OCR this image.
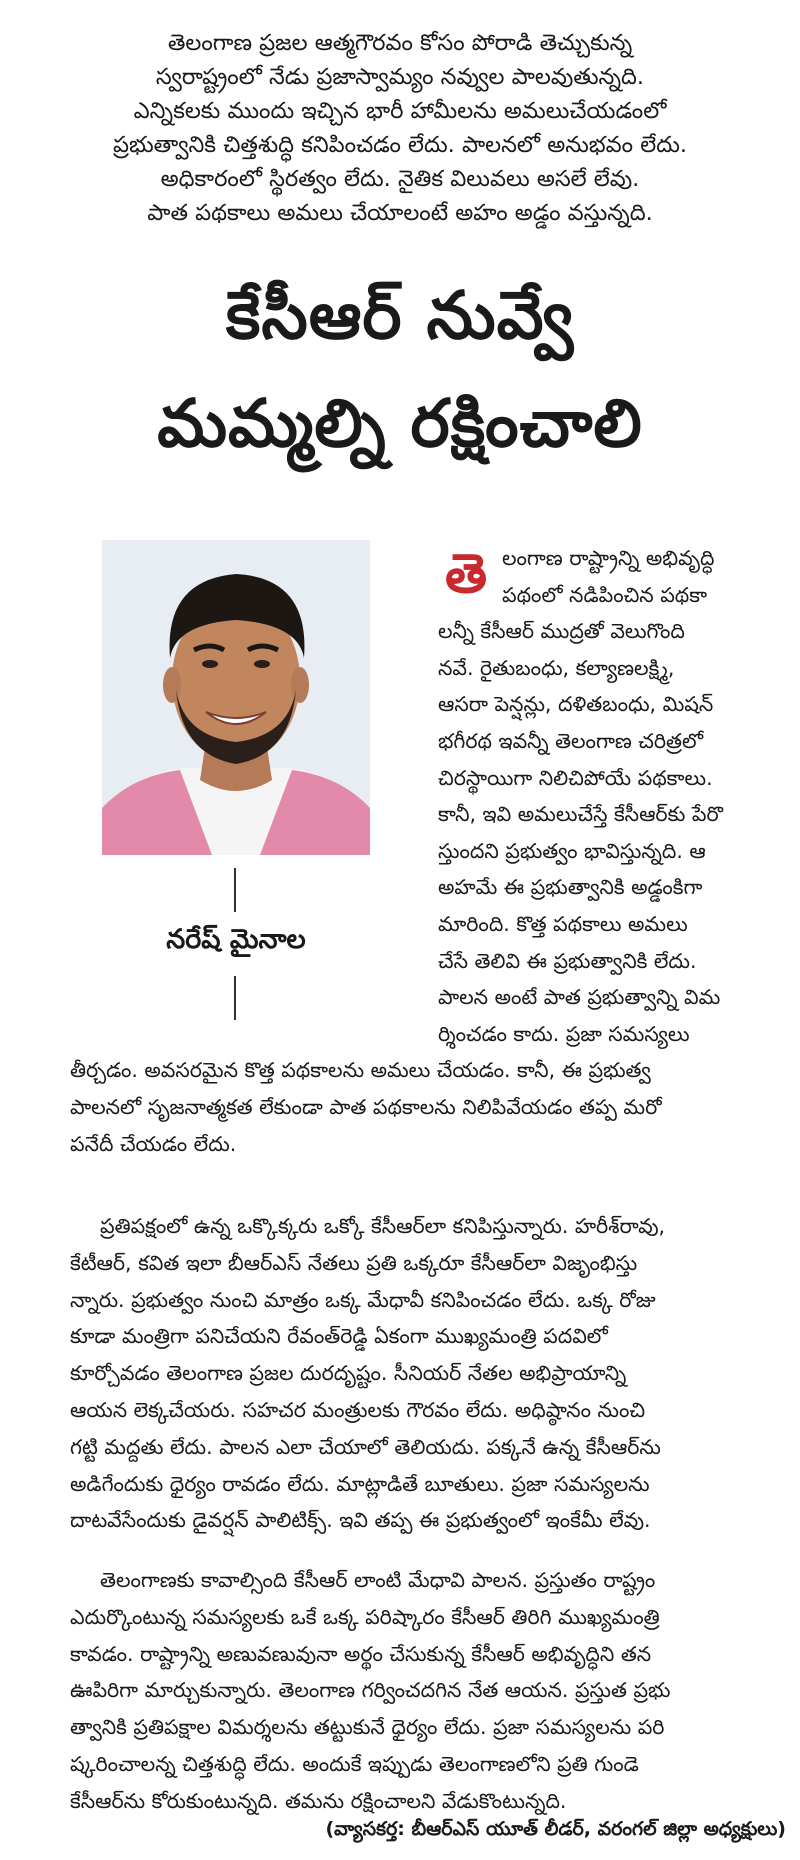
తెలంగాణ ప్రజల ఆత్మగౌరవం కోసం పోరాడి తెచ్చుకున్న
స్వరాష్ట్రంలో నేడు ప్రజాస్వామ్యం నవ్వుల పాలవుతున్నది.
ఎన్నికలకు ముందు ఇచ్చిన భారీ హామీలను అమలుచేయడంలో
ప్రభుత్వానికి చిత్తశుద్ధి కనిపించడం లేదు. పాలనలో అనుభవం లేదు.
అధికారంలో స్థిరత్వం లేదు. నైతిక విలువలు అసలే లేవు.
పాత పథకాలు అమలు చేయాలంటే అహం అడ్డం వస్తున్నది.
కేసీఆర్ నువ్వే
మమ్మల్ని రక్షించాలి
నరేష్ మైనాల
తె లంగాణ రాష్ట్రాన్ని అభివృద్ధి
పథంలో నడిపించిన పథకా
లన్నీ కేసీఆర్ ముద్రతో వెలుగొంది
నవే. రైతుబంధు, కల్యాణలక్ష్మి,
ఆసరా పెన్షన్లు, దళితబంధు, మిషన్
భగీరథ ఇవన్నీ తెలంగాణ చరిత్రలో
చిరస్థాయిగా నిలిచిపోయే పథకాలు.
కానీ, ఇవి అమలుచేస్తే కేసీఆర్‌కు పేరొ
స్తుందని ప్రభుత్వం భావిస్తున్నది. ఆ
అహమే ఈ ప్రభుత్వానికి అడ్డంకిగా
మారింది. కొత్త పథకాలు అమలు
చేసే తెలివి ఈ ప్రభుత్వానికి లేదు.
పాలన అంటే పాత ప్రభుత్వాన్ని విమ
ర్శించడం కాదు. ప్రజా సమస్యలు
తీర్చడం. అవసరమైన కొత్త పథకాలను అమలు చేయడం. కానీ, ఈ ప్రభుత్వ
పాలనలో సృజనాత్మకత లేకుండా పాత పథకాలను నిలిపివేయడం తప్ప మరో
పనేదీ చేయడం లేదు.
ప్రతిపక్షంలో ఉన్న ఒక్కొక్కరు ఒక్కో కేసీఆర్‌లా కనిపిస్తున్నారు. హరీశ్‌రావు,
కేటీఆర్, కవిత ఇలా బీఆర్‌ఎస్ నేతలు ప్రతి ఒక్కరూ కేసీఆర్‌లా విజృంభిస్తు
న్నారు. ప్రభుత్వం నుంచి మాత్రం ఒక్క మేధావీ కనిపించడం లేదు. ఒక్క రోజు
కూడా మంత్రిగా పనిచేయని రేవంత్‌రెడ్డి ఏకంగా ముఖ్యమంత్రి పదవిలో
కూర్చోవడం తెలంగాణ ప్రజల దురదృష్టం. సీనియర్ నేతల అభిప్రాయాన్ని
ఆయన లెక్కచేయరు. సహచర మంత్రులకు గౌరవం లేదు. అధిష్ఠానం నుంచి
గట్టి మద్దతు లేదు. పాలన ఎలా చేయాలో తెలియదు. పక్కనే ఉన్న కేసీఆర్‌ను
అడిగేందుకు ధైర్యం రావడం లేదు. మాట్లాడితే బూతులు. ప్రజా సమస్యలను
దాటవేసేందుకు డైవర్షన్ పాలిటిక్స్. ఇవి తప్ప ఈ ప్రభుత్వంలో ఇంకేమీ లేవు.
తెలంగాణకు కావాల్సింది కేసీఆర్ లాంటి మేధావి పాలన. ప్రస్తుతం రాష్ట్రం
ఎదుర్కొంటున్న సమస్యలకు ఒకే ఒక్క పరిష్కారం కేసీఆర్ తిరిగి ముఖ్యమంత్రి
కావడం. రాష్ట్రాన్ని అణువణువునా అర్థం చేసుకున్న కేసీఆర్ అభివృద్ధిని తన
ఊపిరిగా మార్చుకున్నారు. తెలంగాణ గర్వించదగిన నేత ఆయన. ప్రస్తుత ప్రభు
త్వానికి ప్రతిపక్షాల విమర్శలను తట్టుకునే ధైర్యం లేదు. ప్రజా సమస్యలను పరి
ష్కరించాలన్న చిత్తశుద్ధి లేదు. అందుకే ఇప్పుడు తెలంగాణలోని ప్రతి గుండె
కేసీఆర్‌ను కోరుకుంటున్నది. తమను రక్షించాలని వేడుకొంటున్నది.

(వ్యాసకర్త: బీఆర్‌ఎస్ యూత్ లీడర్, వరంగల్ జిల్లా అధ్యక్షులు)
